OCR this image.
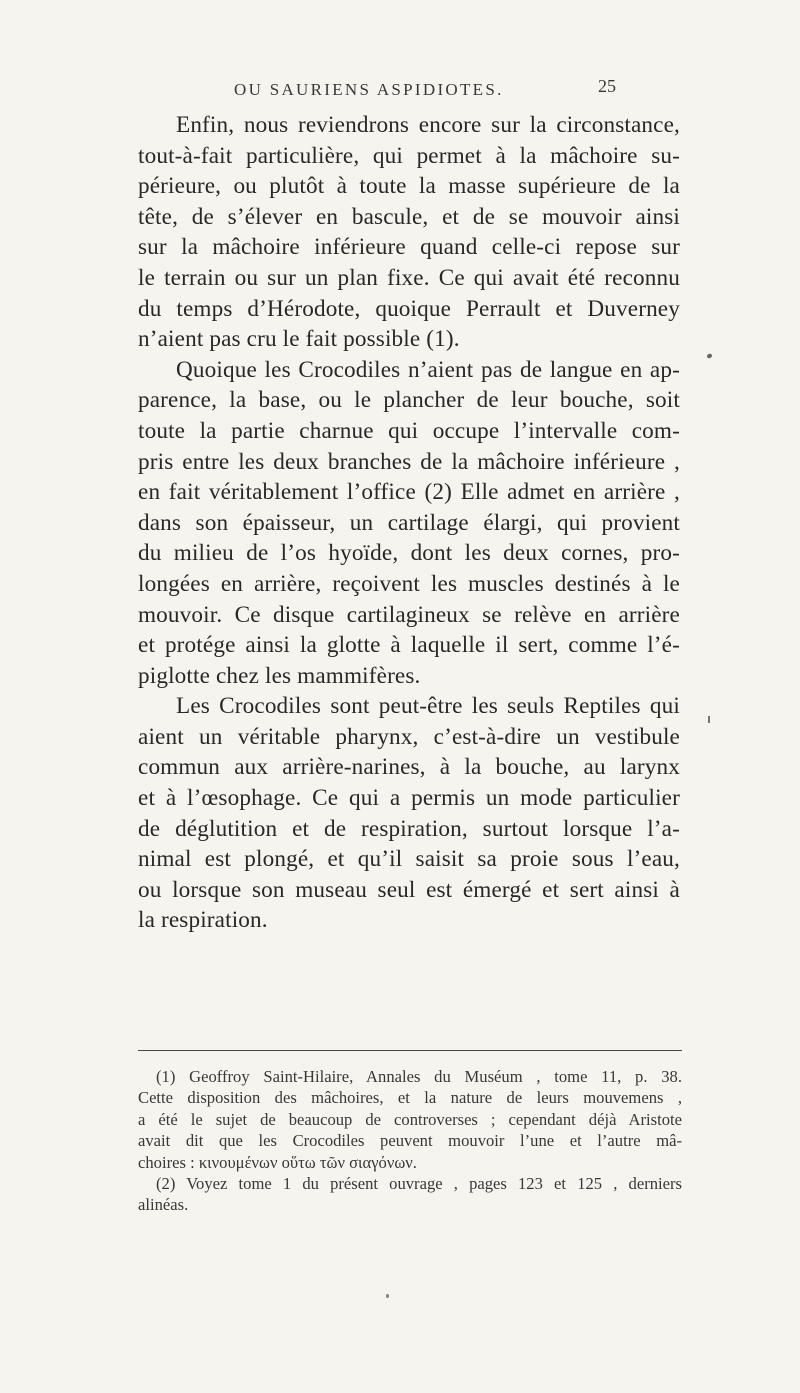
OU SAURIENS ASPIDIOTES.	25
Enfin, nous reviendrons encore sur la circonstance,
tout-à-fait particulière, qui permet à la mâchoire su-
périeure, ou plutôt à toute la masse supérieure de la
tête, de s’élever en bascule, et de se mouvoir ainsi
sur la mâchoire inférieure quand celle-ci repose sur
le terrain ou sur un plan fixe. Ce qui avait été reconnu
du temps d’Hérodote, quoique Perrault et Duverney
n’aient pas cru le fait possible (1).
Quoique les Crocodiles n’aient pas de langue en ap-
parence, la base, ou le plancher de leur bouche, soit
toute la partie charnue qui occupe l’intervalle com-
pris entre les deux branches de la mâchoire inférieure ,
en fait véritablement l’office (2) Elle admet en arrière ,
dans son épaisseur, un cartilage élargi, qui provient
du milieu de l’os hyoïde, dont les deux cornes, pro-
longées en arrière, reçoivent les muscles destinés à le
mouvoir. Ce disque cartilagineux se relève en arrière
et protége ainsi la glotte à laquelle il sert, comme l’é-
piglotte chez les mammifères.
Les Crocodiles sont peut-être les seuls Reptiles qui
aient un véritable pharynx, c’est-à-dire un vestibule
commun aux arrière-narines, à la bouche, au larynx
et à l’œsophage. Ce qui a permis un mode particulier
de déglutition et de respiration, surtout lorsque l’a-
nimal est plongé, et qu’il saisit sa proie sous l’eau,
ou lorsque son museau seul est émergé et sert ainsi à
la respiration.
(1) Geoffroy Saint-Hilaire, Annales du Muséum , tome 11, p. 38.
Cette disposition des mâchoires, et la nature de leurs mouvemens ,
a été le sujet de beaucoup de controverses ; cependant déjà Aristote
avait dit que les Crocodiles peuvent mouvoir l’une et l’autre mâ-
choires : κινουμένων οὕτω τῶν σιαγόνων.
(2) Voyez tome 1 du présent ouvrage , pages 123 et 125 , derniers
alinéas.
